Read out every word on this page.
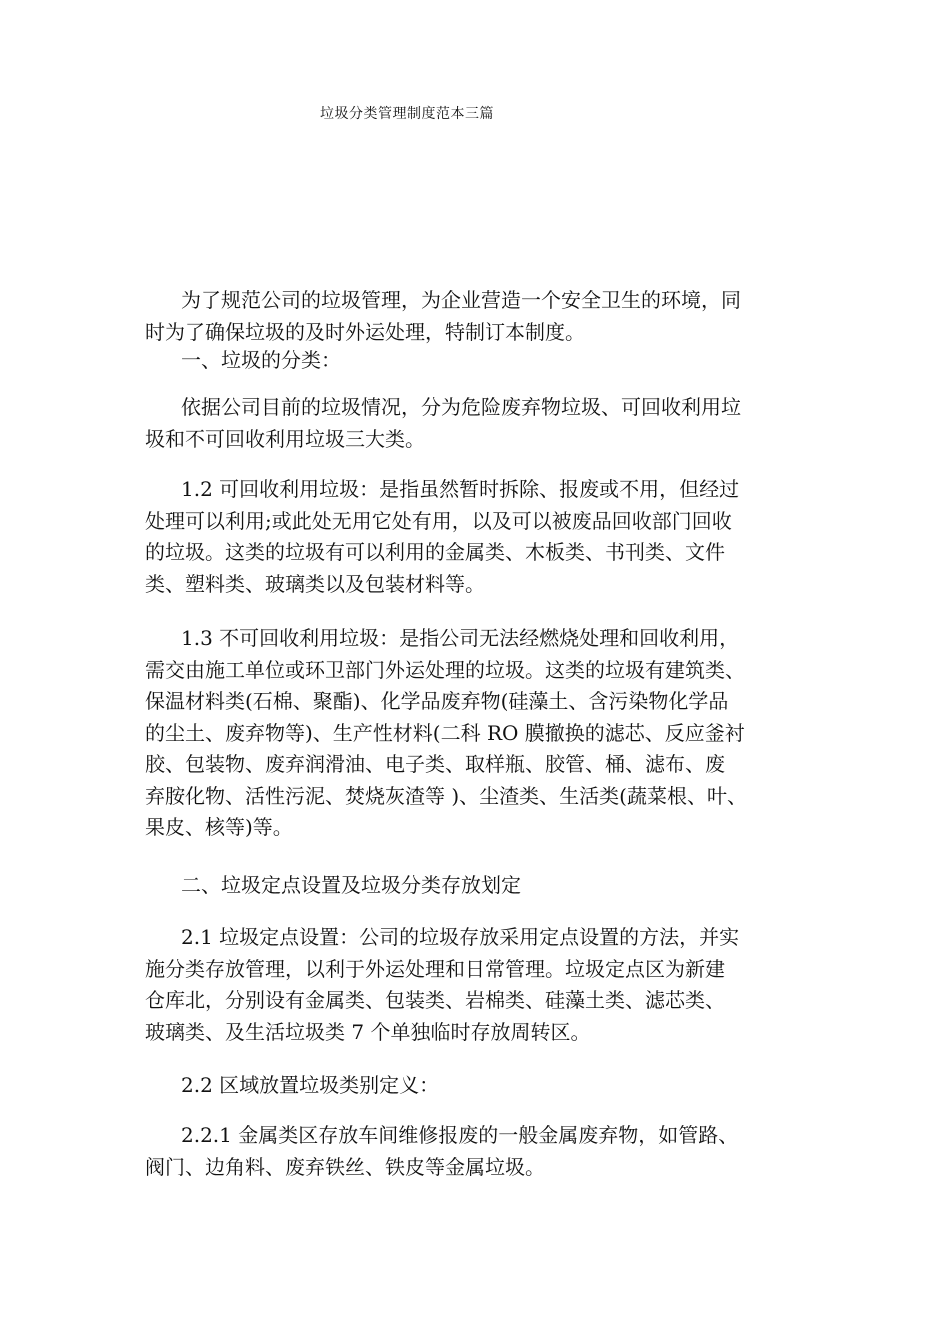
垃圾分类管理制度范本三篇
为了规范公司的垃圾管理，为企业营造一个安全卫生的环境，同
时为了确保垃圾的及时外运处理，特制订本制度。
一、垃圾的分类：
依据公司目前的垃圾情况，分为危险废弃物垃圾、可回收利用垃
圾和不可回收利用垃圾三大类。
1.2 可回收利用垃圾：是指虽然暂时拆除、报废或不用，但经过
处理可以利用;或此处无用它处有用，以及可以被废品回收部门回收
的垃圾。这类的垃圾有可以利用的金属类、木板类、书刊类、文件
类、塑料类、玻璃类以及包装材料等。
1.3 不可回收利用垃圾：是指公司无法经燃烧处理和回收利用，
需交由施工单位或环卫部门外运处理的垃圾。这类的垃圾有建筑类、
保温材料类(石棉、聚酯)、化学品废弃物(硅藻土、含污染物化学品
的尘土、废弃物等)、生产性材料(二科 RO 膜撤换的滤芯、反应釜衬
胶、包装物、废弃润滑油、电子类、取样瓶、胶管、桶、滤布、废
弃胺化物、活性污泥、焚烧灰渣等 )、尘渣类、生活类(蔬菜根、叶、
果皮、核等)等。
二、垃圾定点设置及垃圾分类存放划定
2.1 垃圾定点设置：公司的垃圾存放采用定点设置的方法，并实
施分类存放管理，以利于外运处理和日常管理。垃圾定点区为新建
仓库北，分别设有金属类、包装类、岩棉类、硅藻土类、滤芯类、
玻璃类、及生活垃圾类 7 个单独临时存放周转区。
2.2 区域放置垃圾类别定义：
2.2.1 金属类区存放车间维修报废的一般金属废弃物，如管路、
阀门、边角料、废弃铁丝、铁皮等金属垃圾。
